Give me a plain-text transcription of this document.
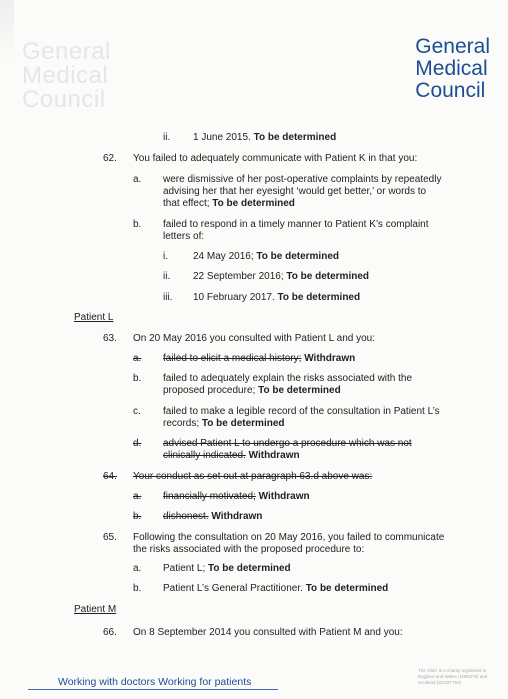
General
Medical
Council
General
Medical
Council
ii. 1 June 2015. To be determined
62. You failed to adequately communicate with Patient K in that you:
a. were dismissive of her post-operative complaints by repeatedly
advising her that her eyesight ‘would get better,’ or words to
that effect; To be determined
b. failed to respond in a timely manner to Patient K’s complaint
letters of:
i.	24 May 2016; To be determined
ii. 22 September 2016; To be determined
iii. 10 February 2017. To be determined
Patient L
63. On 20 May 2016 you consulted with Patient L and you:
a. failed to elicit a medical history; Withdrawn
b. failed to adequately explain the risks associated with the
proposed procedure; To be determined
c. failed to make a legible record of the consultation in Patient L’s
records; To be determined
d. advised Patient L to undergo a procedure which was not
clinically indicated. Withdrawn
64. Your conduct as set out at paragraph 63.d above was:
a. financially motivated; Withdrawn
b. dishonest. Withdrawn
65. Following the consultation on 20 May 2016, you failed to communicate
the risks associated with the proposed procedure to:
a. Patient L; To be determined
b. Patient L’s General Practitioner. To be determined
Patient M
66. On 8 September 2014 you consulted with Patient M and you:
Working with doctors Working for patients
The GMC is a charity registered in England and Wales (1089278) and Scotland (SC037750)
